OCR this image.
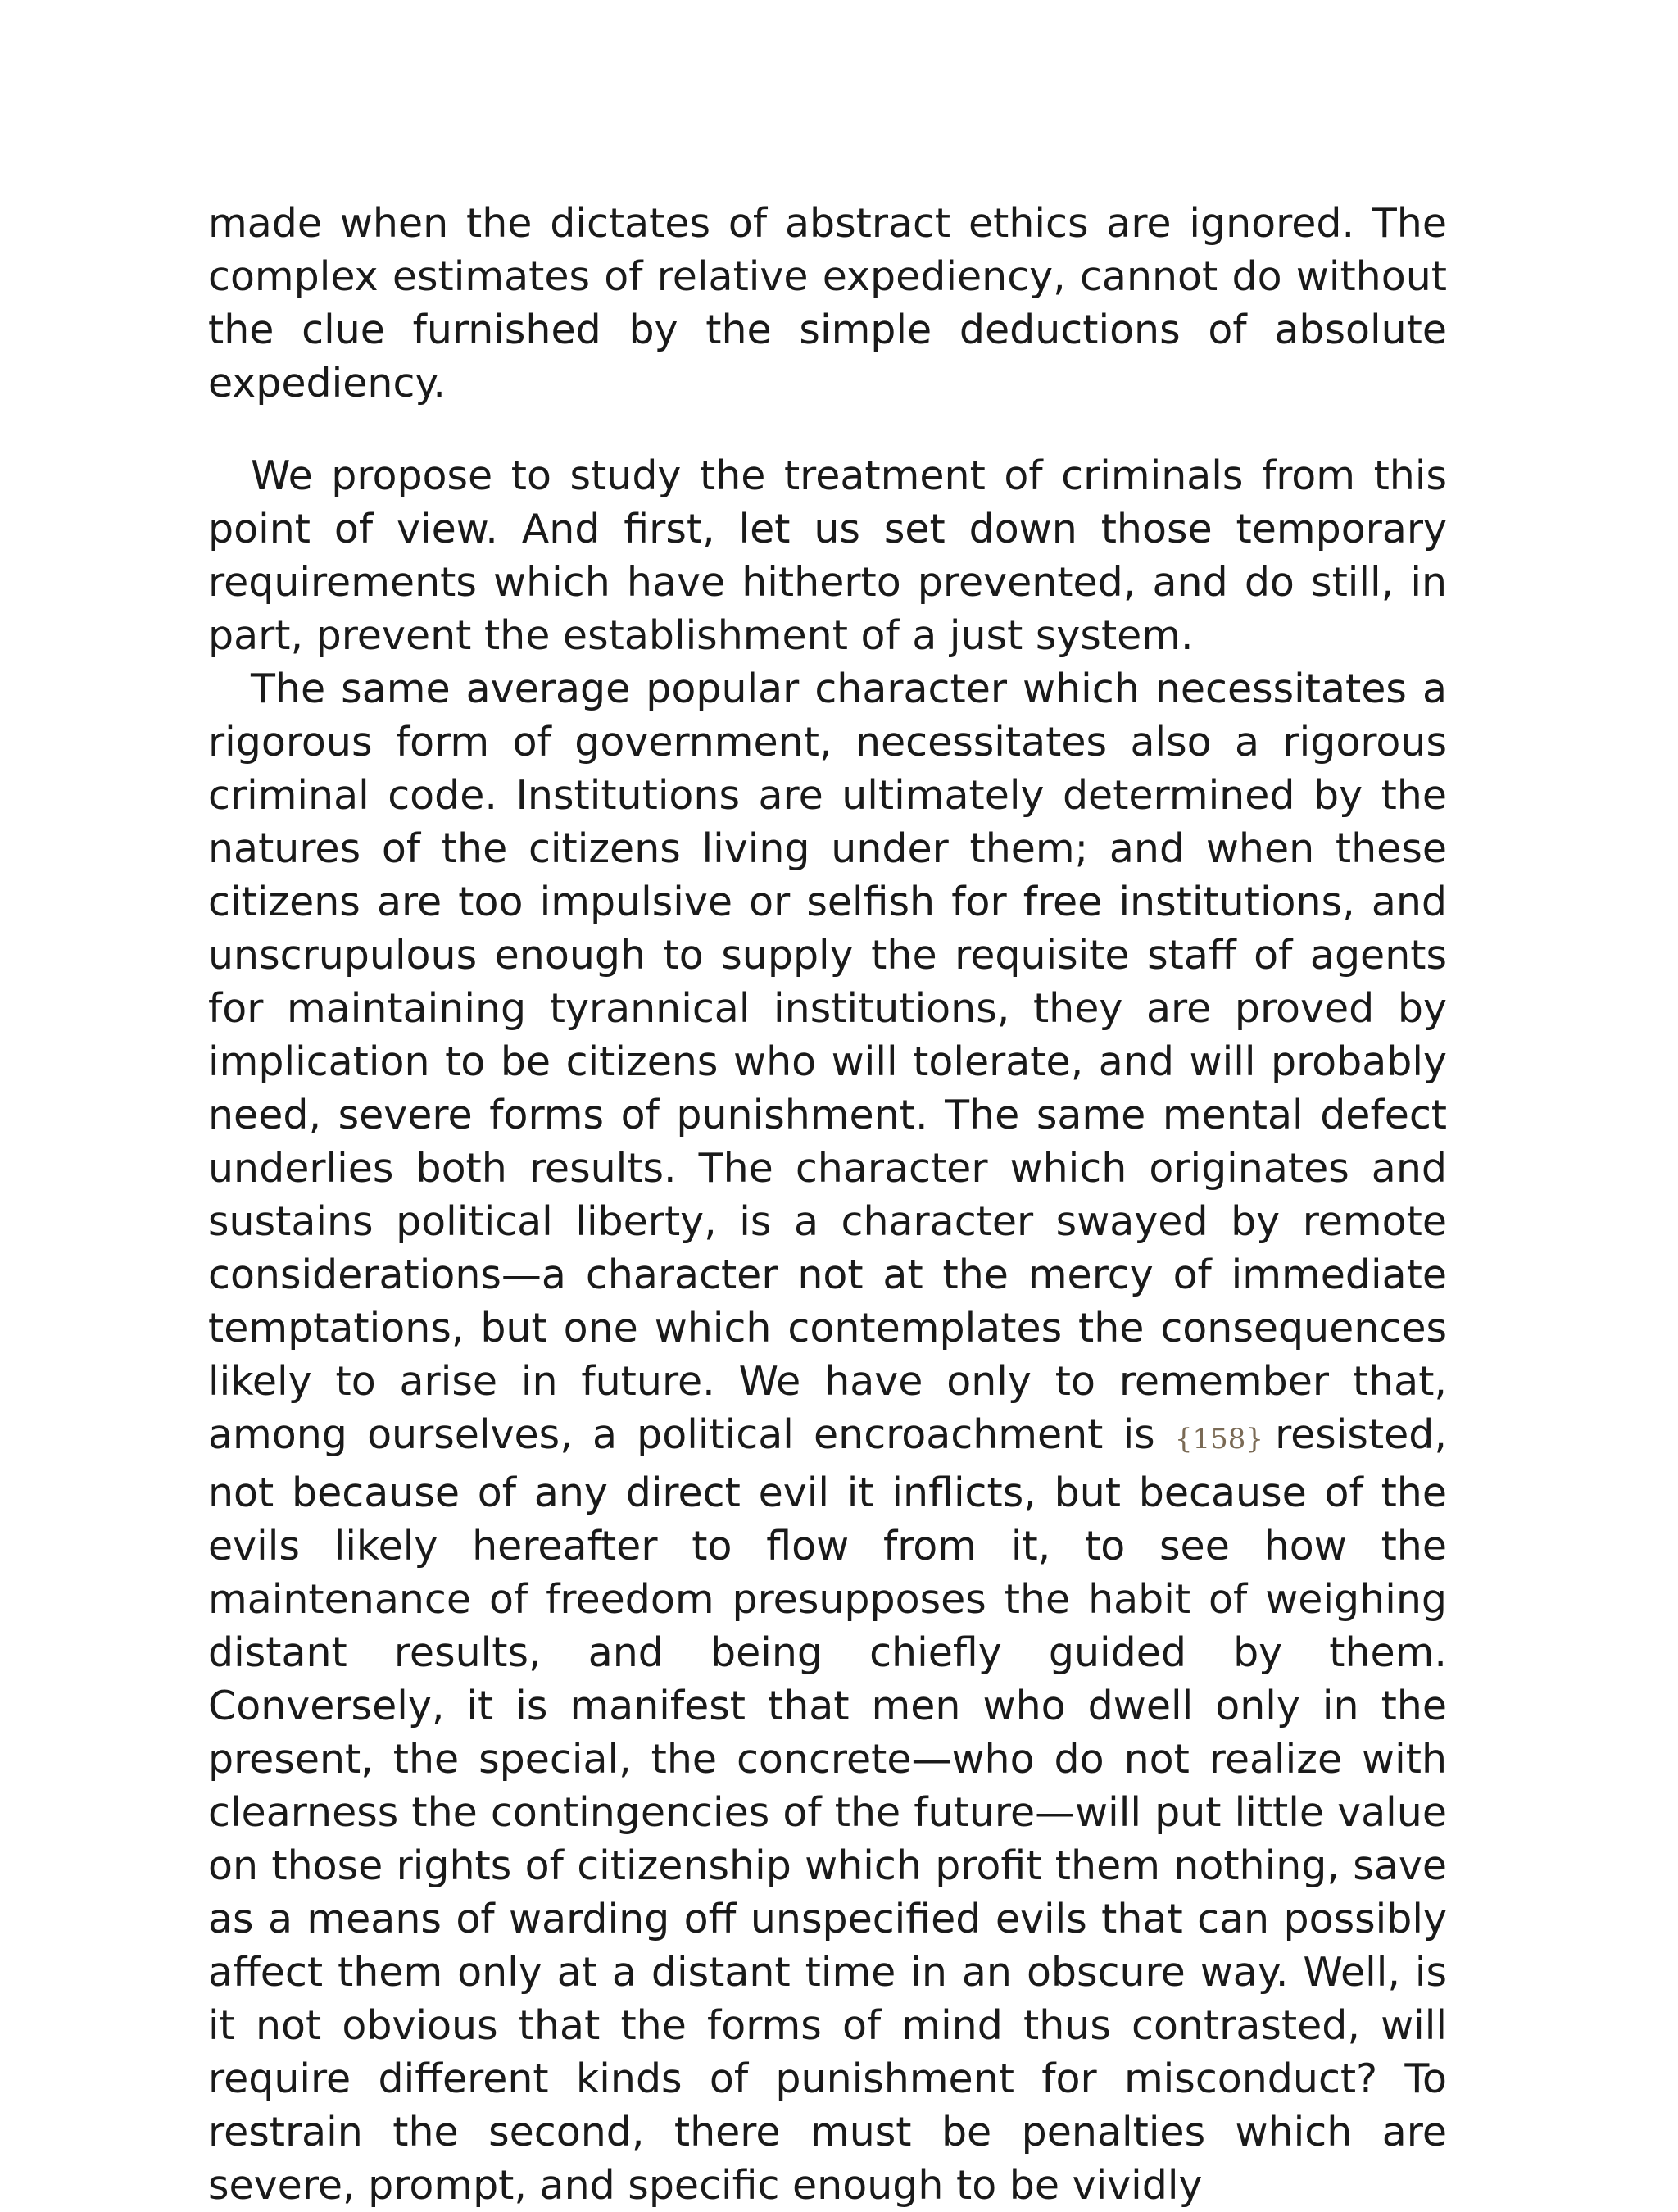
made when the dictates of abstract ethics are ignored. The complex estimates of relative expediency, cannot do without the clue furnished by the simple deductions of absolute expediency.

We propose to study the treatment of criminals from this point of view. And first, let us set down those temporary requirements which have hitherto prevented, and do still, in part, prevent the establishment of a just system.

The same average popular character which necessitates a rigorous form of government, necessitates also a rigorous criminal code. Institutions are ultimately determined by the natures of the citizens living under them; and when these citizens are too impulsive or selfish for free institutions, and unscrupulous enough to supply the requisite staff of agents for maintaining tyrannical institutions, they are proved by implication to be citizens who will tolerate, and will probably need, severe forms of punishment. The same mental defect underlies both results. The character which originates and sustains political liberty, is a character swayed by remote considerations—a character not at the mercy of immediate temptations, but one which contemplates the consequences likely to arise in future. We have only to remember that, among ourselves, a political encroachment is {158} resisted, not because of any direct evil it inflicts, but because of the evils likely hereafter to flow from it, to see how the maintenance of freedom presupposes the habit of weighing distant results, and being chiefly guided by them. Conversely, it is manifest that men who dwell only in the present, the special, the concrete—who do not realize with clearness the contingencies of the future—will put little value on those rights of citizenship which profit them nothing, save as a means of warding off unspecified evils that can possibly affect them only at a distant time in an obscure way. Well, is it not obvious that the forms of mind thus contrasted, will require different kinds of punishment for misconduct? To restrain the second, there must be penalties which are severe, prompt, and specific enough to be vividly
